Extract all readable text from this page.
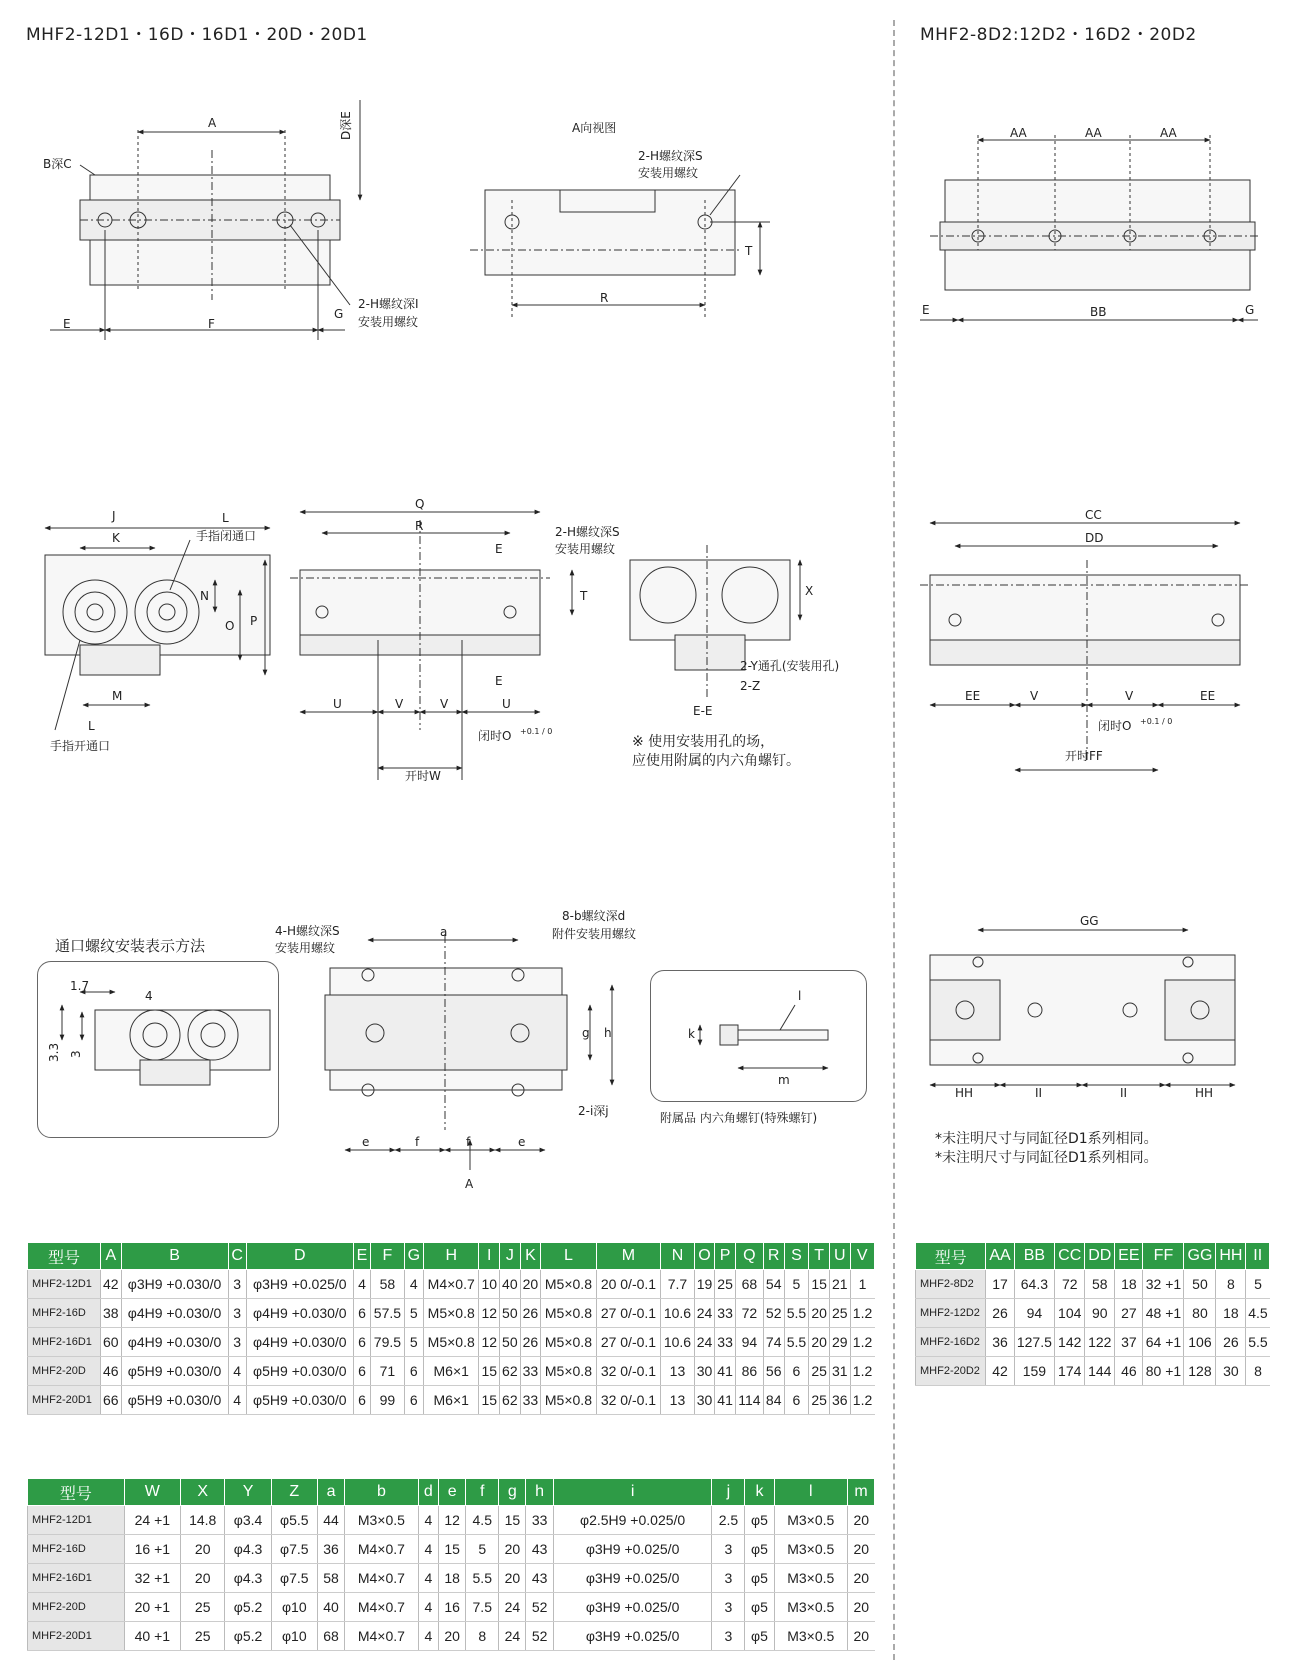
MHF2-12D1・16D・16D1・20D・20D1	MHF2-8D2:12D2・16D2・20D2
A
B深C
D深E
E	F
G
2-H螺纹深I
安装用螺纹
A向视图
2-H螺纹深S
安装用螺纹
R
T
AA	AA	AA
E	BB	G
J
K
L
手指闭通口
N
O P
M
L
手指开通口
Q
R	2-H螺纹深S
安装用螺纹
E
E
T
U	V	V	U
闭时O +0.1 / 0
开时W
X
2-Y通孔(安装用孔)
2-Z
E-E
CC
DD
EE	V	V	EE
闭时O +0.1 / 0
开时FF
4-H螺纹深S
安装用螺纹
8-b螺纹深d
附件安装用螺纹
a
e	f	f	e
g h
2-i深j
A
k
l
m
附属品 内六角螺钉(特殊螺钉)
GG
HH	II	II	HH
1.7
4
3.3 3
通口螺纹安装表示方法
※ 使用安装用孔的场，
应使用附属的内六角螺钉。
*未注明尺寸与同缸径D1系列相同。
*未注明尺寸与同缸径D1系列相同。
型号	A	B	C	D	E	F	G	H	I	J	K	L	M	N	O	P	Q	R	S	T	U	V
MHF2-12D1	42	φ3H9 +0.030/0	3	φ3H9 +0.025/0	4	58	4	M4×0.7	10	40	20	M5×0.8	20 0/-0.1	7.7	19	25	68	54	5	15	21	1
MHF2-16D	38	φ4H9 +0.030/0	3	φ4H9 +0.030/0	6	57.5	5	M5×0.8	12	50	26	M5×0.8	27 0/-0.1	10.6	24	33	72	52	5.5	20	25	1.2
MHF2-16D1	60	φ4H9 +0.030/0	3	φ4H9 +0.030/0	6	79.5	5	M5×0.8	12	50	26	M5×0.8	27 0/-0.1	10.6	24	33	94	74	5.5	20	29	1.2
MHF2-20D	46	φ5H9 +0.030/0	4	φ5H9 +0.030/0	6	71	6	M6×1	15	62	33	M5×0.8	32 0/-0.1	13	30	41	86	56	6	25	31	1.2
MHF2-20D1	66	φ5H9 +0.030/0	4	φ5H9 +0.030/0	6	99	6	M6×1	15	62	33	M5×0.8	32 0/-0.1	13	30	41	114	84	6	25	36	1.2
型号	W	X	Y	Z	a	b	d	e	f	g	h	i	j	k	l	m
MHF2-12D1	24 +1	14.8	φ3.4	φ5.5	44	M3×0.5	4	12	4.5	15	33	φ2.5H9 +0.025/0	2.5	φ5	M3×0.5	20
MHF2-16D	16 +1	20	φ4.3	φ7.5	36	M4×0.7	4	15	5	20	43	φ3H9 +0.025/0	3	φ5	M3×0.5	20
MHF2-16D1	32 +1	20	φ4.3	φ7.5	58	M4×0.7	4	18	5.5	20	43	φ3H9 +0.025/0	3	φ5	M3×0.5	20
MHF2-20D	20 +1	25	φ5.2	φ10	40	M4×0.7	4	16	7.5	24	52	φ3H9 +0.025/0	3	φ5	M3×0.5	20
MHF2-20D1	40 +1	25	φ5.2	φ10	68	M4×0.7	4	20	8	24	52	φ3H9 +0.025/0	3	φ5	M3×0.5	20
型号	AA	BB	CC	DD	EE	FF	GG	HH	II
MHF2-8D2	17	64.3	72	58	18	32 +1	50	8	5
MHF2-12D2	26	94	104	90	27	48 +1	80	18	4.5
MHF2-16D2	36	127.5	142	122	37	64 +1	106	26	5.5
MHF2-20D2	42	159	174	144	46	80 +1	128	30	8
